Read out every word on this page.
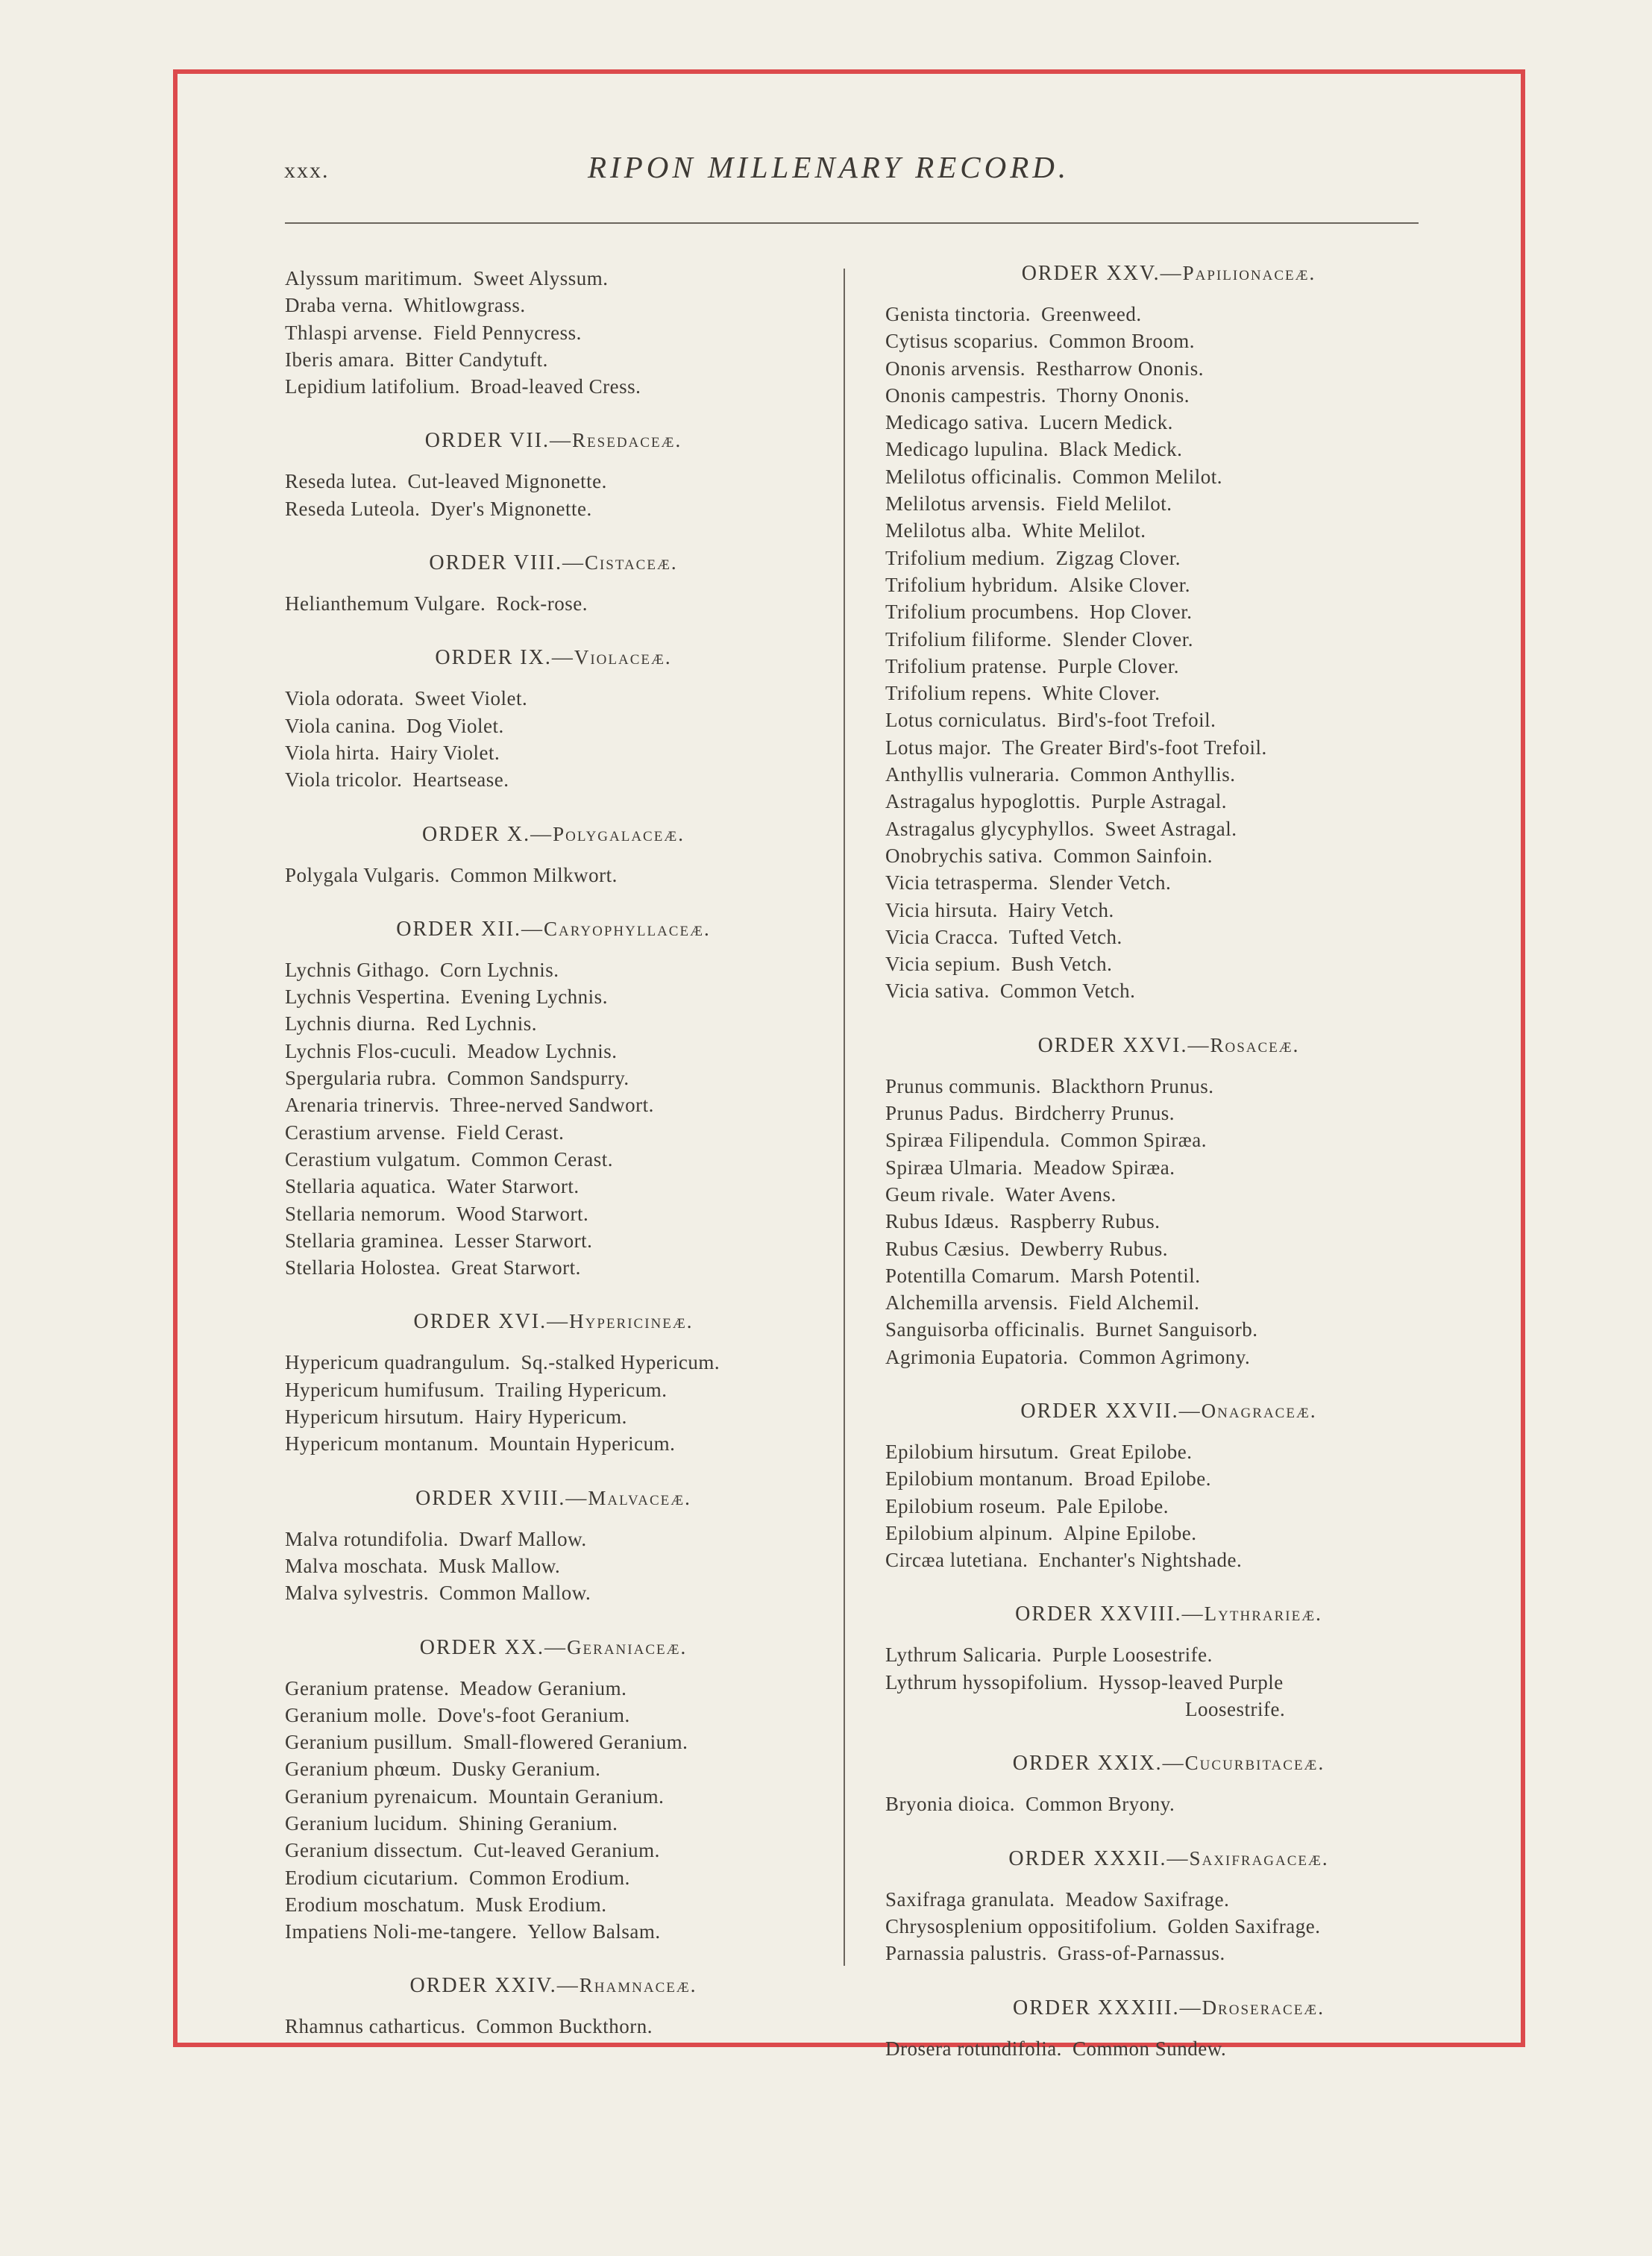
xxx.	RIPON MILLENARY RECORD.
Alyssum maritimum. Sweet Alyssum.
Draba verna. Whitlowgrass.
Thlaspi arvense. Field Pennycress.
Iberis amara. Bitter Candytuft.
Lepidium latifolium. Broad-leaved Cress.
ORDER VII.—Resedaceæ.
Reseda lutea. Cut-leaved Mignonette.
Reseda Luteola. Dyer's Mignonette.
ORDER VIII.—Cistaceæ.
Helianthemum Vulgare. Rock-rose.
ORDER IX.—Violaceæ.
Viola odorata. Sweet Violet.
Viola canina. Dog Violet.
Viola hirta. Hairy Violet.
Viola tricolor. Heartsease.
ORDER X.—Polygalaceæ.
Polygala Vulgaris. Common Milkwort.
ORDER XII.—Caryophyllaceæ.
Lychnis Githago. Corn Lychnis.
Lychnis Vespertina. Evening Lychnis.
Lychnis diurna. Red Lychnis.
Lychnis Flos-cuculi. Meadow Lychnis.
Spergularia rubra. Common Sandspurry.
Arenaria trinervis. Three-nerved Sandwort.
Cerastium arvense. Field Cerast.
Cerastium vulgatum. Common Cerast.
Stellaria aquatica. Water Starwort.
Stellaria nemorum. Wood Starwort.
Stellaria graminea. Lesser Starwort.
Stellaria Holostea. Great Starwort.
ORDER XVI.—Hypericineæ.
Hypericum quadrangulum. Sq.-stalked Hypericum.
Hypericum humifusum. Trailing Hypericum.
Hypericum hirsutum. Hairy Hypericum.
Hypericum montanum. Mountain Hypericum.
ORDER XVIII.—Malvaceæ.
Malva rotundifolia. Dwarf Mallow.
Malva moschata. Musk Mallow.
Malva sylvestris. Common Mallow.
ORDER XX.—Geraniaceæ.
Geranium pratense. Meadow Geranium.
Geranium molle. Dove's-foot Geranium.
Geranium pusillum. Small-flowered Geranium.
Geranium phœum. Dusky Geranium.
Geranium pyrenaicum. Mountain Geranium.
Geranium lucidum. Shining Geranium.
Geranium dissectum. Cut-leaved Geranium.
Erodium cicutarium. Common Erodium.
Erodium moschatum. Musk Erodium.
Impatiens Noli-me-tangere. Yellow Balsam.
ORDER XXIV.—Rhamnaceæ.
Rhamnus catharticus. Common Buckthorn.
ORDER XXV.—Papilionaceæ.
Genista tinctoria. Greenweed.
Cytisus scoparius. Common Broom.
Ononis arvensis. Restharrow Ononis.
Ononis campestris. Thorny Ononis.
Medicago sativa. Lucern Medick.
Medicago lupulina. Black Medick.
Melilotus officinalis. Common Melilot.
Melilotus arvensis. Field Melilot.
Melilotus alba. White Melilot.
Trifolium medium. Zigzag Clover.
Trifolium hybridum. Alsike Clover.
Trifolium procumbens. Hop Clover.
Trifolium filiforme. Slender Clover.
Trifolium pratense. Purple Clover.
Trifolium repens. White Clover.
Lotus corniculatus. Bird's-foot Trefoil.
Lotus major. The Greater Bird's-foot Trefoil.
Anthyllis vulneraria. Common Anthyllis.
Astragalus hypoglottis. Purple Astragal.
Astragalus glycyphyllos. Sweet Astragal.
Onobrychis sativa. Common Sainfoin.
Vicia tetrasperma. Slender Vetch.
Vicia hirsuta. Hairy Vetch.
Vicia Cracca. Tufted Vetch.
Vicia sepium. Bush Vetch.
Vicia sativa. Common Vetch.
ORDER XXVI.—Rosaceæ.
Prunus communis. Blackthorn Prunus.
Prunus Padus. Birdcherry Prunus.
Spiræa Filipendula. Common Spiræa.
Spiræa Ulmaria. Meadow Spiræa.
Geum rivale. Water Avens.
Rubus Idæus. Raspberry Rubus.
Rubus Cæsius. Dewberry Rubus.
Potentilla Comarum. Marsh Potentil.
Alchemilla arvensis. Field Alchemil.
Sanguisorba officinalis. Burnet Sanguisorb.
Agrimonia Eupatoria. Common Agrimony.
ORDER XXVII.—Onagraceæ.
Epilobium hirsutum. Great Epilobe.
Epilobium montanum. Broad Epilobe.
Epilobium roseum. Pale Epilobe.
Epilobium alpinum. Alpine Epilobe.
Circæa lutetiana. Enchanter's Nightshade.
ORDER XXVIII.—Lythrarieæ.
Lythrum Salicaria. Purple Loosestrife.
Lythrum hyssopifolium. Hyssop-leaved Purple
Loosestrife.
ORDER XXIX.—Cucurbitaceæ.
Bryonia dioica. Common Bryony.
ORDER XXXII.—Saxifragaceæ.
Saxifraga granulata. Meadow Saxifrage.
Chrysosplenium oppositifolium. Golden Saxifrage.
Parnassia palustris. Grass-of-Parnassus.
ORDER XXXIII.—Droseraceæ.
Drosera rotundifolia. Common Sundew.
